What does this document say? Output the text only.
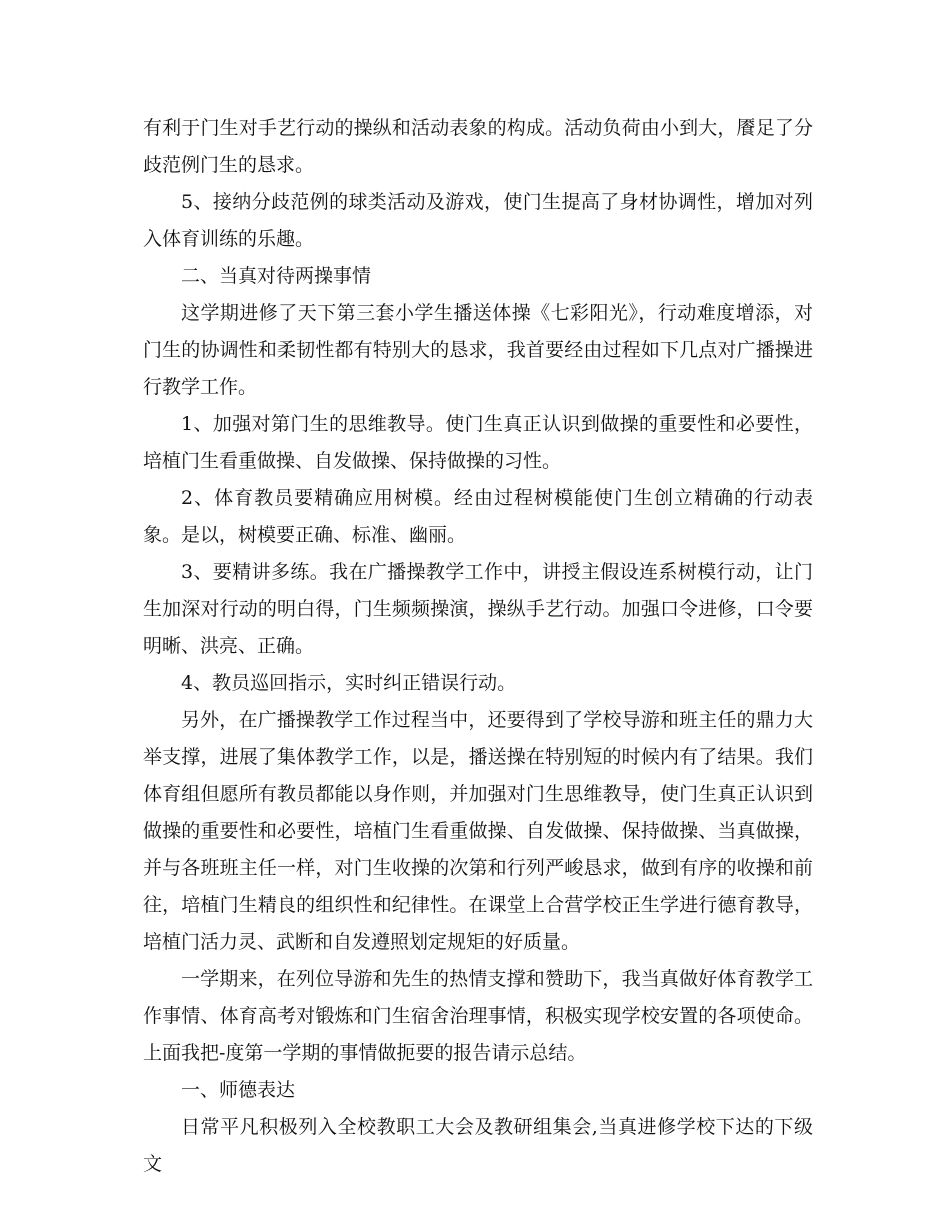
有利于门生对手艺行动的操纵和活动表象的构成。活动负荷由小到大，餍足了分歧范例门生的恳求。

5、接纳分歧范例的球类活动及游戏，使门生提高了身材协调性，增加对列入体育训练的乐趣。

二、当真对待两操事情

这学期进修了天下第三套小学生播送体操《七彩阳光》，行动难度增添，对门生的协调性和柔韧性都有特别大的恳求，我首要经由过程如下几点对广播操进行教学工作。

1、加强对第门生的思维教导。使门生真正认识到做操的重要性和必要性，培植门生看重做操、自发做操、保持做操的习性。

2、体育教员要精确应用树模。经由过程树模能使门生创立精确的行动表象。是以，树模要正确、标准、幽丽。

3、要精讲多练。我在广播操教学工作中，讲授主假设连系树模行动，让门生加深对行动的明白得，门生频频操演，操纵手艺行动。加强口令进修，口令要明晰、洪亮、正确。

4、教员巡回指示，实时纠正错误行动。

另外，在广播操教学工作过程当中，还要得到了学校导游和班主任的鼎力大举支撑，进展了集体教学工作，以是，播送操在特别短的时候内有了结果。我们体育组但愿所有教员都能以身作则，并加强对门生思维教导，使门生真正认识到做操的重要性和必要性，培植门生看重做操、自发做操、保持做操、当真做操，并与各班班主任一样，对门生收操的次第和行列严峻恳求，做到有序的收操和前往，培植门生精良的组织性和纪律性。在课堂上合营学校正生学进行德育教导，培植门活力灵、武断和自发遵照划定规矩的好质量。

一学期来，在列位导游和先生的热情支撑和赞助下，我当真做好体育教学工作事情、体育高考对锻炼和门生宿舍治理事情，积极实现学校安置的各项使命。上面我把-度第一学期的事情做扼要的报告请示总结。

一、师德表达

日常平凡积极列入全校教职工大会及教研组集会,当真进修学校下达的下级文
